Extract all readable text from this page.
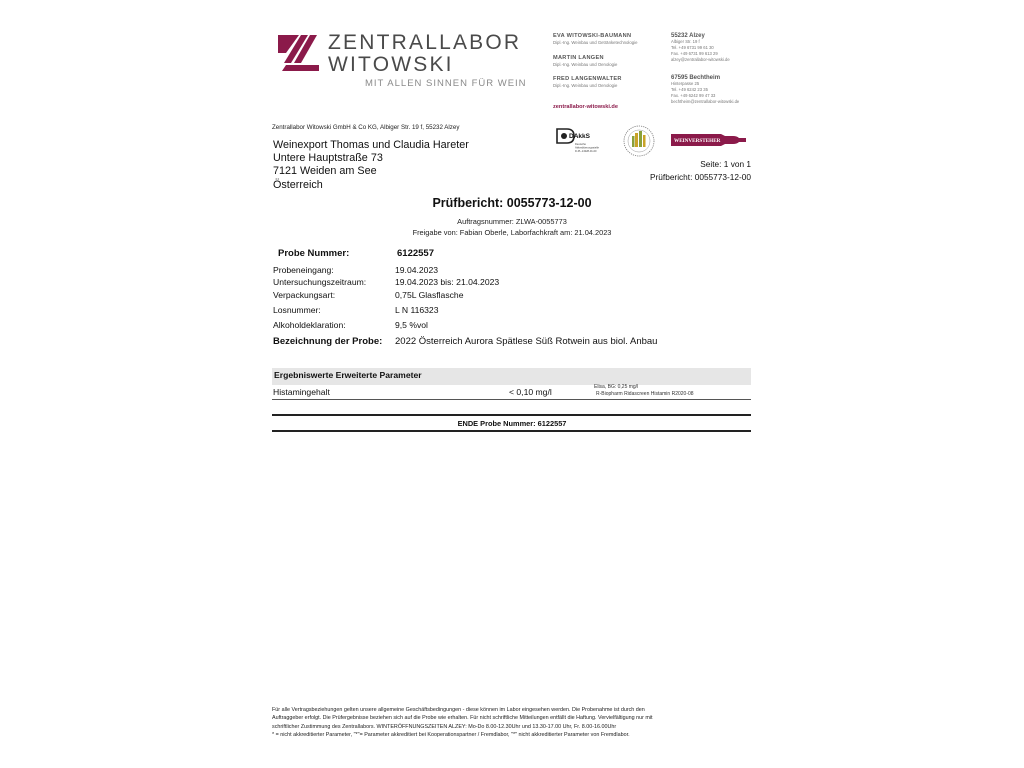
ZENTRALLABOR
WITOWSKI
MIT ALLEN SINNEN FÜR WEIN
EVA WITOWSKI-BAUMANN
Dipl.-Ing. Weinbau und Getränketechnologie
MARTIN LANGEN
Dipl.-Ing. Weinbau und Oenologie
FRED LANGENWALTER
Dipl.-Ing. Weinbau und Oenologie
zentrallabor-witowski.de
55232 Alzey
Albiger Str. 19 f
Tel. +49 6731 99 61 30
Fax. +49 6731 99 613 29
alzey@zentrallabor-witowski.de
67595 Bechtheim
Hinterpasse 25
Tel. +49 6242 23 35
Fax. +49 6242 99 47 33
bechtheim@zentrallabor-witowski.de
DAkkS
Deutsche
Akkreditierungsstelle
D-PL-14328-01-00
WEINVERSTEHER
Zentrallabor Witowski GmbH & Co KG, Albiger Str. 19 f, 55232 Alzey
Weinexport Thomas und Claudia Hareter
Untere Hauptstraße 73
7121 Weiden am See
Österreich
Seite: 1 von 1
Prüfbericht: 0055773-12-00
Prüfbericht: 0055773-12-00
Auftragsnummer: ZLWA-0055773
Freigabe von: Fabian Oberle, Laborfachkraft am: 21.04.2023
Probe Nummer:	6122557
Probeneingang:	19.04.2023
Untersuchungszeitraum:	19.04.2023 bis: 21.04.2023
Verpackungsart:	0,75L Glasflasche
Losnummer:	L N 116323
Alkoholdeklaration:	9,5 %vol
Bezeichnung der Probe: 2022 Österreich Aurora Spätlese Süß Rotwein aus biol. Anbau
Ergebniswerte Erweiterte Parameter
Histamingehalt	< 0,10 mg/l	Elisa, BG: 0,25 mg/l
R-Biopharm Ridascreen Histamin R2020-08
ENDE Probe Nummer: 6122557
Für alle Vertragsbeziehungen gelten unsere allgemeine Geschäftsbedingungen - diese können im Labor eingesehen werden. Die Probenahme ist durch den
Auftraggeber erfolgt. Die Prüfergebnisse beziehen sich auf die Probe wie erhalten. Für nicht schriftliche Mitteilungen entfällt die Haftung. Vervielfältigung nur mit
schriftlicher Zustimmung des Zentrallabors. WINTERÖFFNUNGSZEITEN ALZEY: Mo-Do 8.00-12.30Uhr und 13.30-17.00 Uhr, Fr. 8.00-16.00Uhr
* = nicht akkreditierter Parameter, "*"= Parameter akkreditiert bei Kooperationspartner / Fremdlabor, "*" nicht akkreditierter Parameter von Fremdlabor.
